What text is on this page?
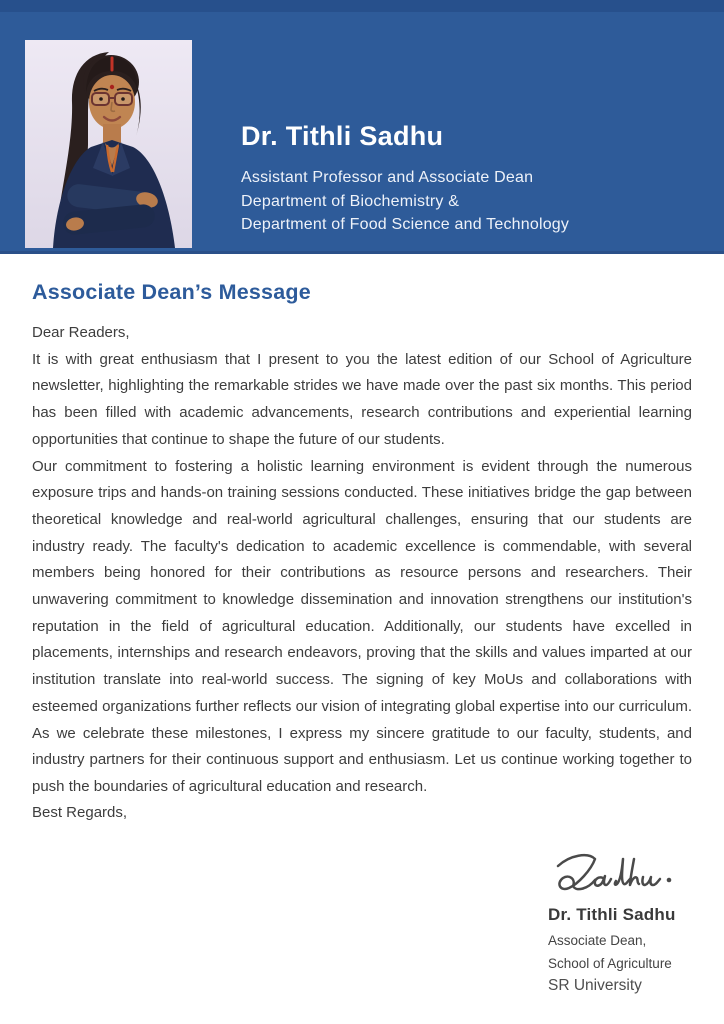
Dr. Tithli Sadhu
Assistant Professor and Associate Dean
Department of Biochemistry &
Department of Food Science and Technology
Associate Dean’s Message

Dear Readers,

It is with great enthusiasm that I present to you the latest edition of our School of Agriculture newsletter, highlighting the remarkable strides we have made over the past six months. This period has been filled with academic advancements, research contributions and experiential learning opportunities that continue to shape the future of our students.

Our commitment to fostering a holistic learning environment is evident through the numerous exposure trips and hands-on training sessions conducted. These initiatives bridge the gap between theoretical knowledge and real-world agricultural challenges, ensuring that our students are industry ready. The faculty's dedication to academic excellence is commendable, with several members being honored for their contributions as resource persons and researchers. Their unwavering commitment to knowledge dissemination and innovation strengthens our institution's reputation in the field of agricultural education. Additionally, our students have excelled in placements, internships and research endeavors, proving that the skills and values imparted at our institution translate into real-world success. The signing of key MoUs and collaborations with esteemed organizations further reflects our vision of integrating global expertise into our curriculum. As we celebrate these milestones, I express my sincere gratitude to our faculty, students, and industry partners for their continuous support and enthusiasm. Let us continue working together to push the boundaries of agricultural education and research.

Best Regards,

Dr. Tithli Sadhu
Associate Dean,
School of Agriculture
SR University
